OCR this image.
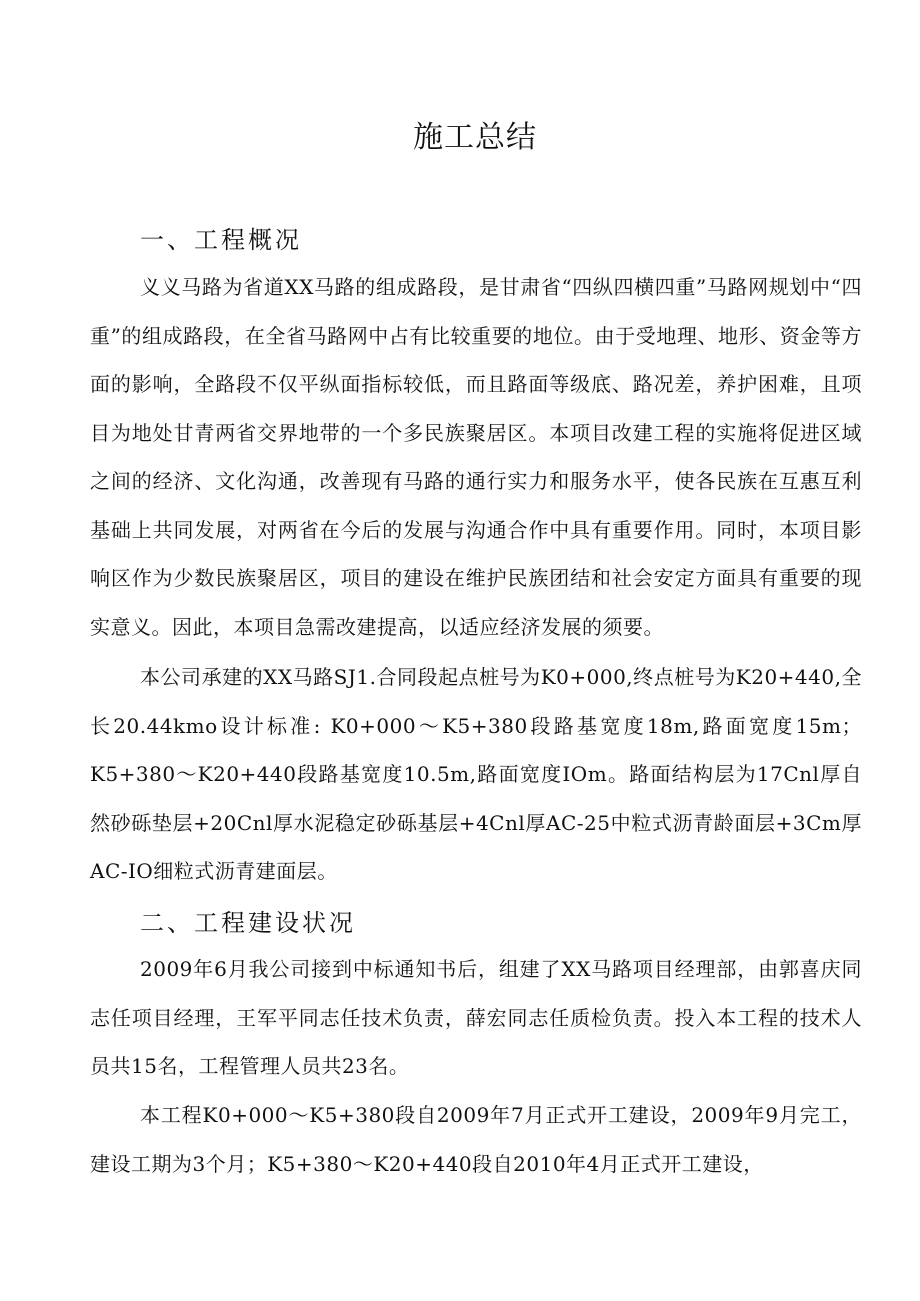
施工总结
一、工程概况

义义马路为省道XX马路的组成路段，是甘肃省“四纵四横四重”马路网规划中“四重”的组成路段，在全省马路网中占有比较重要的地位。由于受地理、地形、资金等方面的影响，全路段不仅平纵面指标较低，而且路面等级底、路况差，养护困难，且项目为地处甘青两省交界地带的一个多民族聚居区。本项目改建工程的实施将促进区域之间的经济、文化沟通，改善现有马路的通行实力和服务水平，使各民族在互惠互利基础上共同发展，对两省在今后的发展与沟通合作中具有重要作用。同时，本项目影响区作为少数民族聚居区，项目的建设在维护民族团结和社会安定方面具有重要的现实意义。因此，本项目急需改建提高，以适应经济发展的须要。

本公司承建的XX马路SJ1.合同段起点桩号为K0+000,终点桩号为K20+440,全长20.44kmo设计标准: K0+000〜K5+380段路基宽度18m,路面宽度15m；K5+380〜K20+440段路基宽度10.5m,路面宽度IOm。路面结构层为17Cnl厚自然砂砾垫层+20Cnl厚水泥稳定砂砾基层+4Cnl厚AC-25中粒式沥青龄面层+3Cm厚AC-IO细粒式沥青建面层。

二、工程建设状况

2009年6月我公司接到中标通知书后，组建了XX马路项目经理部，由郭喜庆同志任项目经理，王军平同志任技术负责，薛宏同志任质检负责。投入本工程的技术人员共15名，工程管理人员共23名。

本工程K0+000〜K5+380段自2009年7月正式开工建设，2009年9月完工，建设工期为3个月；K5+380〜K20+440段自2010年4月正式开工建设，
